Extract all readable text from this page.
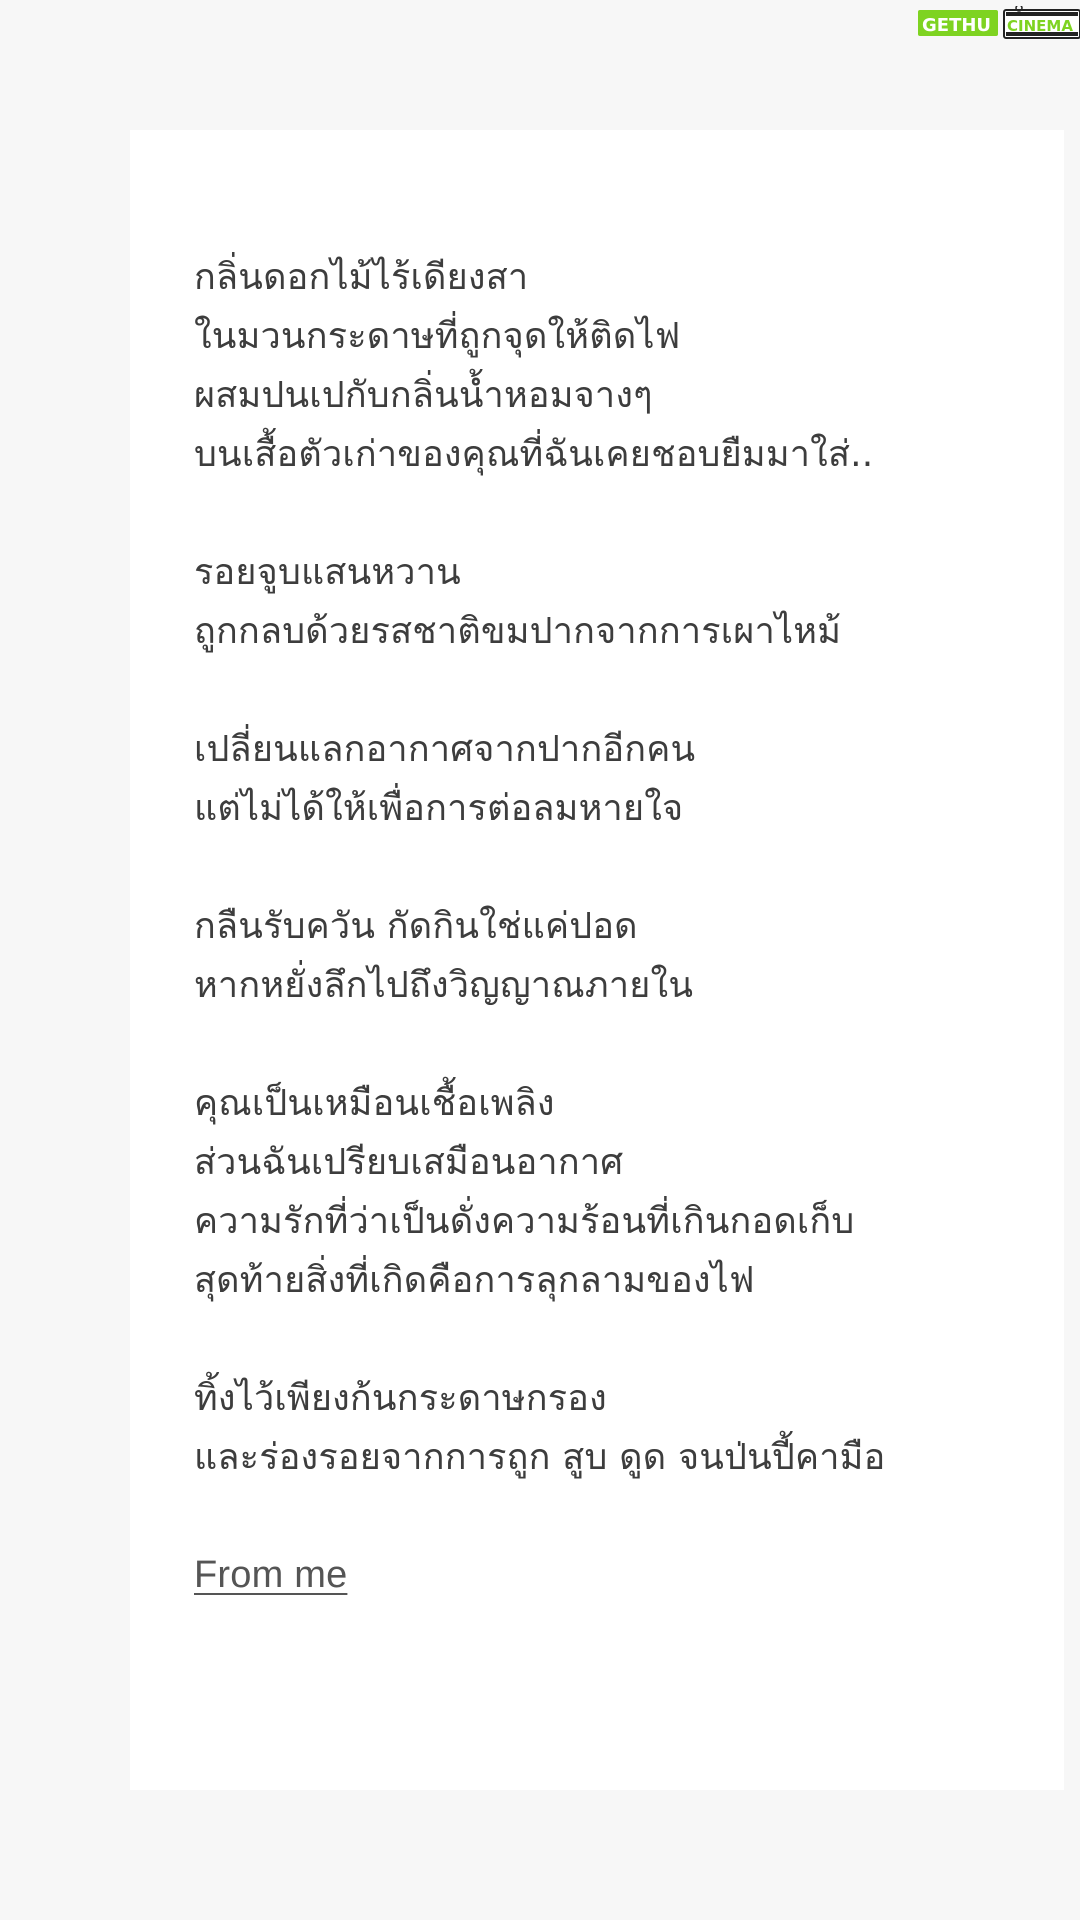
GETHU CINEMA
กลิ่นดอกไม้ไร้เดียงสา
ในมวนกระดาษที่ถูกจุดให้ติดไฟ
ผสมปนเปกับกลิ่นน้ำหอมจางๆ
บนเสื้อตัวเก่าของคุณที่ฉันเคยชอบยืมมาใส่..
รอยจูบแสนหวาน
ถูกกลบด้วยรสชาติขมปากจากการเผาไหม้
เปลี่ยนแลกอากาศจากปากอีกคน
แต่ไม่ได้ให้เพื่อการต่อลมหายใจ
กลืนรับควัน กัดกินใช่แค่ปอด
หากหยั่งลึกไปถึงวิญญาณภายใน
คุณเป็นเหมือนเชื้อเพลิง
ส่วนฉันเปรียบเสมือนอากาศ
ความรักที่ว่าเป็นดั่งความร้อนที่เกินกอดเก็บ
สุดท้ายสิ่งที่เกิดคือการลุกลามของไฟ
ทิ้งไว้เพียงก้นกระดาษกรอง
และร่องรอยจากการถูก สูบ ดูด จนป่นปี้คามือ
From me
